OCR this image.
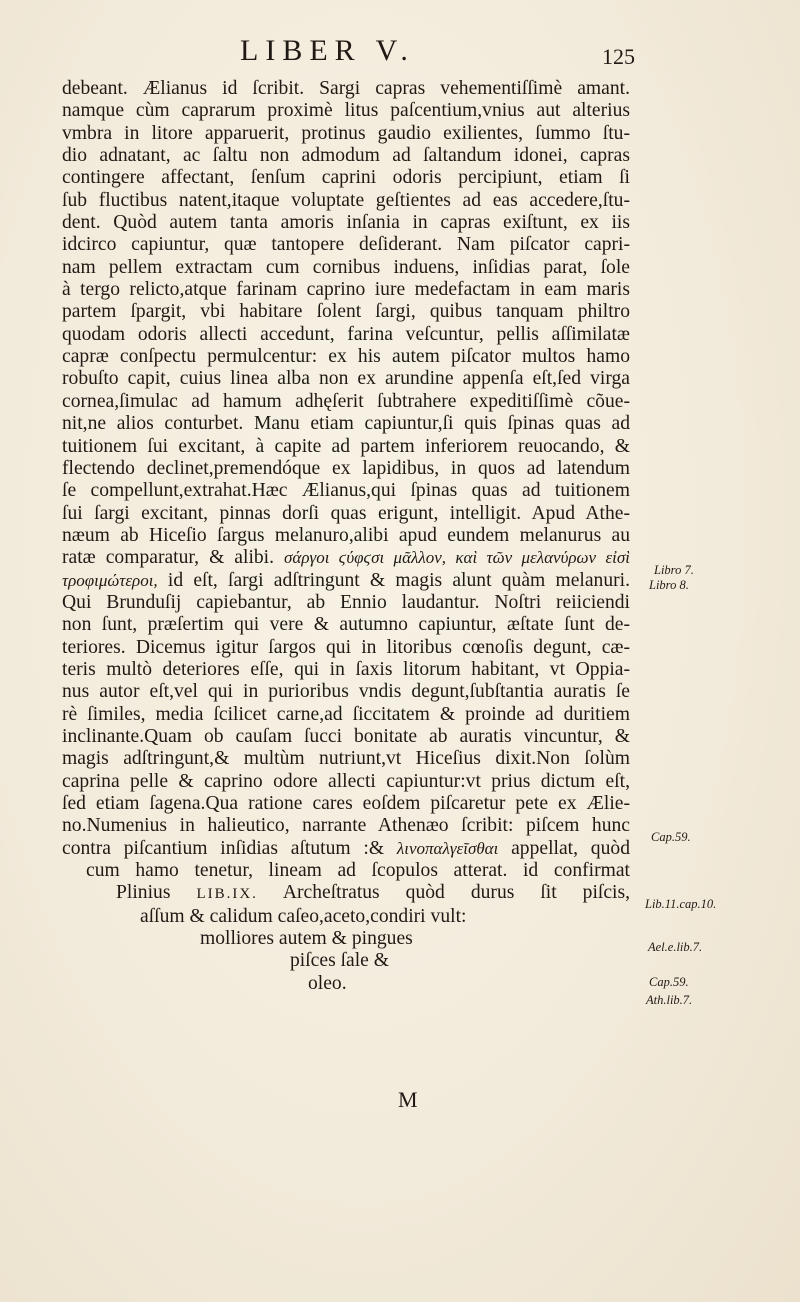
LIBER V.	125
debeant. Ælianus id ſcribit. Sargi capras vehementiſſimè amant.
namque cùm caprarum proximè litus paſcentium,vnius aut alterius
vmbra in litore apparuerit, protinus gaudio exilientes, ſummo ſtu-
dio adnatant, ac ſaltu non admodum ad ſaltandum idonei, capras
contingere affectant, ſenſum caprini odoris percipiunt, etiam ſi
ſub fluctibus natent,itaque voluptate geſtientes ad eas accedere,ſtu-
dent. Quòd autem tanta amoris inſania in capras exiſtunt, ex iis
idcirco capiuntur, quæ tantopere deſiderant. Nam piſcator capri-
nam pellem extractam cum cornibus induens, inſidias parat, ſole
à tergo relicto,atque farinam caprino iure medefactam in eam maris
partem ſpargit, vbi habitare ſolent ſargi, quibus tanquam philtro
quodam odoris allecti accedunt, farina veſcuntur, pellis aſſimilatæ
capræ conſpectu permulcentur: ex his autem piſcator multos hamo
robuſto capit, cuius linea alba non ex arundine appenſa eſt,ſed virga
cornea,ſimulac ad hamum adhęſerit ſubtrahere expeditiſſimè cõue-
nit,ne alios conturbet. Manu etiam capiuntur,ſi quis ſpinas quas ad
tuitionem ſui excitant, à capite ad partem inferiorem reuocando, &
flectendo declinet,premendóque ex lapidibus, in quos ad latendum
ſe compellunt,extrahat.Hæc Ælianus,qui ſpinas quas ad tuitionem
ſui ſargi excitant, pinnas dorſi quas erigunt, intelligit. Apud Athe-
næum ab Hiceſio ſargus melanuro,alibi apud eundem melanurus au
ratæ comparatur, & alibi. σάργοι ϛύφϛσι μᾶλλον, καὶ τῶν μελανύρων εἰσὶ
τροφιμώτεροι, id eſt, ſargi adſtringunt & magis alunt quàm melanuri.
Qui Brunduſij capiebantur, ab Ennio laudantur. Noſtri reiiciendi
non ſunt, præſertim qui vere & autumno capiuntur, æſtate ſunt de-
teriores. Dicemus igitur ſargos qui in litoribus cœnoſis degunt, cæ-
teris multò deteriores eſſe, qui in ſaxis litorum habitant, vt Oppia-
nus autor eſt,vel qui in purioribus vndis degunt,ſubſtantia auratis ſe
rè ſimiles, media ſcilicet carne,ad ſiccitatem & proinde ad duritiem
inclinante.Quam ob cauſam ſucci bonitate ab auratis vincuntur, &
magis adſtringunt,& multùm nutriunt,vt Hiceſius dixit.Non ſolùm
caprina pelle & caprino odore allecti capiuntur:vt prius dictum eſt,
ſed etiam ſagena.Qua ratione cares eoſdem piſcaretur pete ex Ælie-
no.Numenius in halieutico, narrante Athenæo ſcribit: piſcem hunc
contra piſcantium inſidias aſtutum :& λινοπαλγεῖσθαι appellat, quòd
cum hamo tenetur, lineam ad ſcopulos atterat. id confirmat
Plinius LIB.IX. Archeſtratus quòd durus ſit piſcis,
aſſum & calidum caſeo,aceto,condiri vult:
molliores autem & pingues
piſces ſale &
oleo.
M
Libro 7.
Libro 8.
Cap.59.
Lib.11.cap.10.
Ael.e.lib.7.
Cap.59.
Ath.lib.7.
